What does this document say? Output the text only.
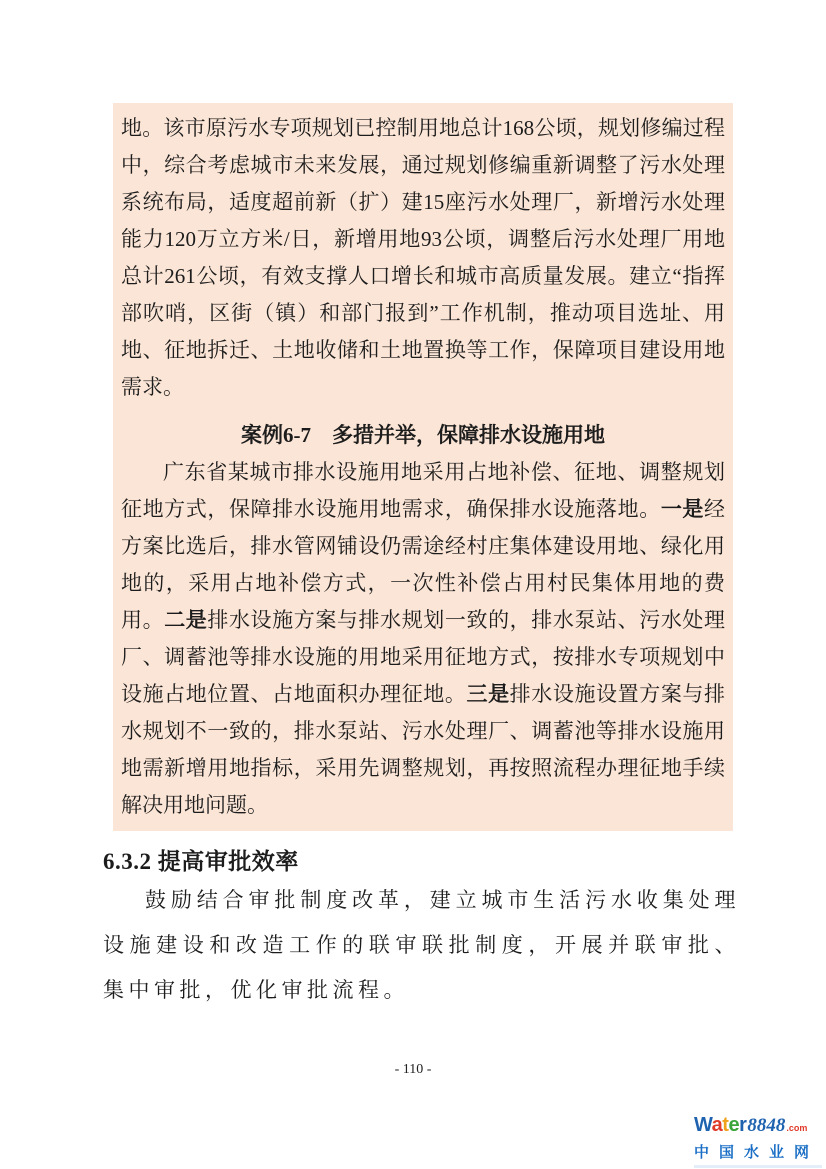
地。该市原污水专项规划已控制用地总计168公顷，规划修编过程中，综合考虑城市未来发展，通过规划修编重新调整了污水处理系统布局，适度超前新（扩）建15座污水处理厂，新增污水处理能力120万立方米/日，新增用地93公顷，调整后污水处理厂用地总计261公顷，有效支撑人口增长和城市高质量发展。建立“指挥部吹哨，区街（镇）和部门报到”工作机制，推动项目选址、用地、征地拆迁、土地收储和土地置换等工作，保障项目建设用地需求。
案例6-7　多措并举，保障排水设施用地
广东省某城市排水设施用地采用占地补偿、征地、调整规划征地方式，保障排水设施用地需求，确保排水设施落地。一是经方案比选后，排水管网铺设仍需途经村庄集体建设用地、绿化用地的，采用占地补偿方式，一次性补偿占用村民集体用地的费用。二是排水设施方案与排水规划一致的，排水泵站、污水处理厂、调蓄池等排水设施的用地采用征地方式，按排水专项规划中设施占地位置、占地面积办理征地。三是排水设施设置方案与排水规划不一致的，排水泵站、污水处理厂、调蓄池等排水设施用地需新增用地指标，采用先调整规划，再按照流程办理征地手续解决用地问题。
6.3.2 提高审批效率
鼓励结合审批制度改革，建立城市生活污水收集处理设施建设和改造工作的联审联批制度，开展并联审批、集中审批，优化审批流程。
- 110 -
Water 8848 .com
中国水业网
